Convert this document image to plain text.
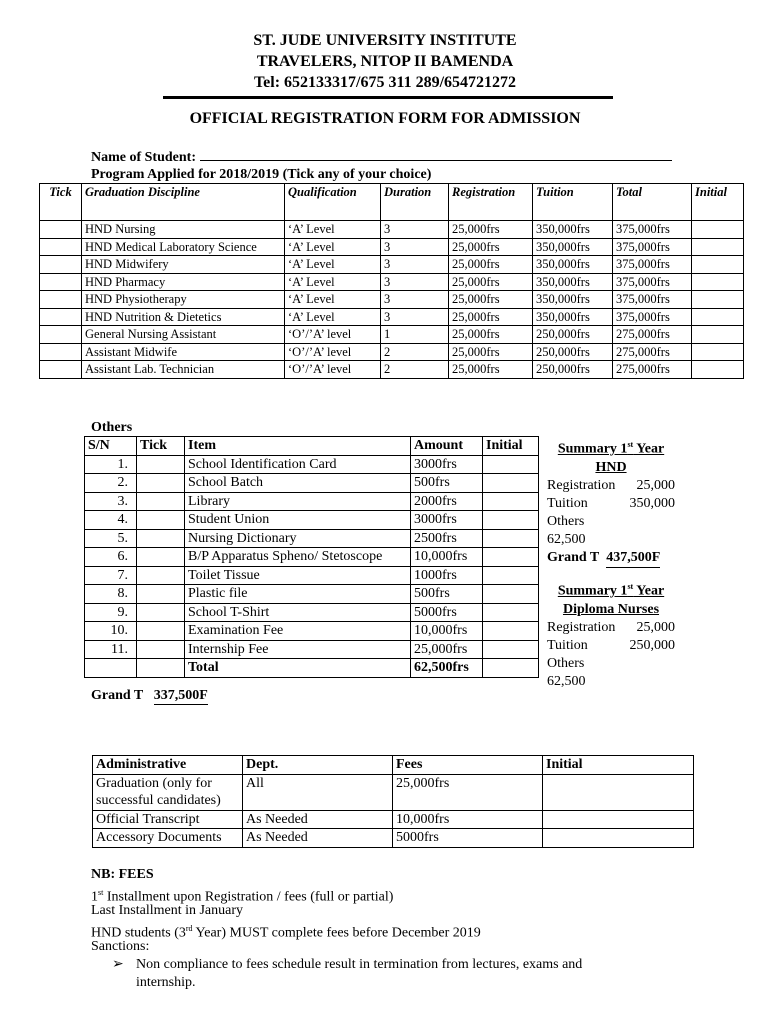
ST. JUDE UNIVERSITY INSTITUTE
TRAVELERS, NITOP II BAMENDA
Tel: 652133317/675 311 289/654721272
OFFICIAL REGISTRATION FORM FOR ADMISSION
Name of Student:
Program Applied for 2018/2019 (Tick any of your choice)
Tick	Graduation Discipline	Qualification	Duration	Registration	Tuition	Total	Initial
	HND Nursing	‘A’ Level	3	25,000frs	350,000frs	375,000frs	
	HND Medical Laboratory Science	‘A’ Level	3	25,000frs	350,000frs	375,000frs	
	HND Midwifery	‘A’ Level	3	25,000frs	350,000frs	375,000frs	
	HND Pharmacy	‘A’ Level	3	25,000frs	350,000frs	375,000frs	
	HND Physiotherapy	‘A’ Level	3	25,000frs	350,000frs	375,000frs	
	HND Nutrition & Dietetics	‘A’ Level	3	25,000frs	350,000frs	375,000frs	
	General Nursing Assistant	‘O’/’A’ level	1	25,000frs	250,000frs	275,000frs	
	Assistant Midwife	‘O’/’A’ level	2	25,000frs	250,000frs	275,000frs	
	Assistant Lab. Technician	‘O’/’A’ level	2	25,000frs	250,000frs	275,000frs	
Others
S/N	Tick	Item	Amount	Initial
1.		School Identification Card	3000frs	
2.		School Batch	500frs	
3.		Library	2000frs	
4.		Student Union	3000frs	
5.		Nursing Dictionary	2500frs	
6.		B/P Apparatus Spheno/ Stetoscope	10,000frs	
7.		Toilet Tissue	1000frs	
8.		Plastic file	500frs	
9.		School T-Shirt	5000frs	
10.		Examination Fee	10,000frs	
11.		Internship Fee	25,000frs	
		Total	62,500frs	
Grand T 337,500F
Summary 1st Year
HND
Registration 25,000
Tuition	350,000
Others
62,500
Grand T 437,500F
Summary 1st Year
Diploma Nurses
Registration 25,000
Tuition	250,000
Others
62,500
Administrative	Dept.	Fees	Initial
Graduation (only for successful candidates)	All	25,000frs	
Official Transcript	As Needed	10,000frs	
Accessory Documents	As Needed	5000frs	
NB: FEES
1st Installment upon Registration / fees (full or partial)
Last Installment in January
HND students (3rd Year) MUST complete fees before December 2019
Sanctions:
➢ Non compliance to fees schedule result in termination from lectures, exams and
internship.
